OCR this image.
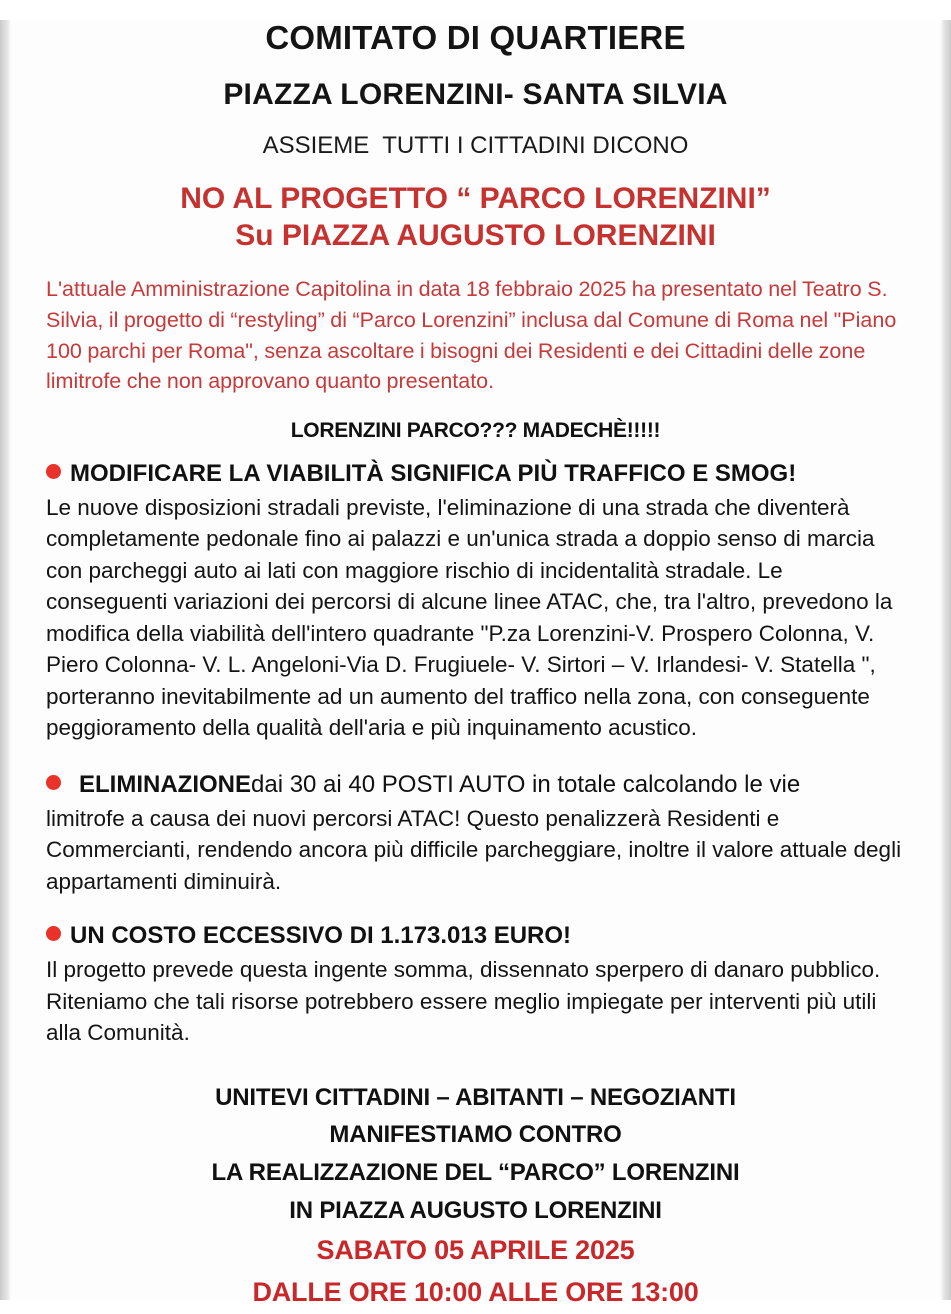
COMITATO DI QUARTIERE
PIAZZA LORENZINI- SANTA SILVIA
ASSIEME  TUTTI I CITTADINI DICONO
NO AL PROGETTO “ PARCO LORENZINI”
Su PIAZZA AUGUSTO LORENZINI

L'attuale Amministrazione Capitolina in data 18 febbraio 2025 ha presentato nel Teatro S. Silvia, il progetto di “restyling” di “Parco Lorenzini” inclusa dal Comune di Roma nel "Piano 100 parchi per Roma", senza ascoltare i bisogni dei Residenti e dei Cittadini delle zone limitrofe che non approvano quanto presentato.

LORENZINI PARCO??? MADECHÈ!!!!!
MODIFICARE LA VIABILITÀ SIGNIFICA PIÙ TRAFFICO E SMOG!
Le nuove disposizioni stradali previste, l'eliminazione di una strada che diventerà completamente pedonale fino ai palazzi e un'unica strada a doppio senso di marcia con parcheggi auto ai lati con maggiore rischio di incidentalità stradale. Le conseguenti variazioni dei percorsi di alcune linee ATAC, che, tra l'altro, prevedono la modifica della viabilità dell'intero quadrante "P.za Lorenzini-V. Prospero Colonna, V. Piero Colonna- V. L. Angeloni-Via D. Frugiuele- V. Sirtori – V. Irlandesi- V. Statella ", porteranno inevitabilmente ad un aumento del traffico nella zona, con conseguente peggioramento della qualità dell'aria e più inquinamento acustico.
ELIMINAZIONE dai 30 ai 40 POSTI AUTO in totale calcolando le vie
limitrofe a causa dei nuovi percorsi ATAC! Questo penalizzerà Residenti e Commercianti, rendendo ancora più difficile parcheggiare, inoltre il valore attuale degli appartamenti diminuirà.
UN COSTO ECCESSIVO DI 1.173.013 EURO!
Il progetto prevede questa ingente somma, dissennato sperpero di danaro pubblico. Riteniamo che tali risorse potrebbero essere meglio impiegate per interventi più utili alla Comunità.
UNITEVI CITTADINI – ABITANTI – NEGOZIANTI
MANIFESTIAMO CONTRO
LA REALIZZAZIONE DEL “PARCO” LORENZINI
IN PIAZZA AUGUSTO LORENZINI
SABATO 05 APRILE 2025
DALLE ORE 10:00 ALLE ORE 13:00
